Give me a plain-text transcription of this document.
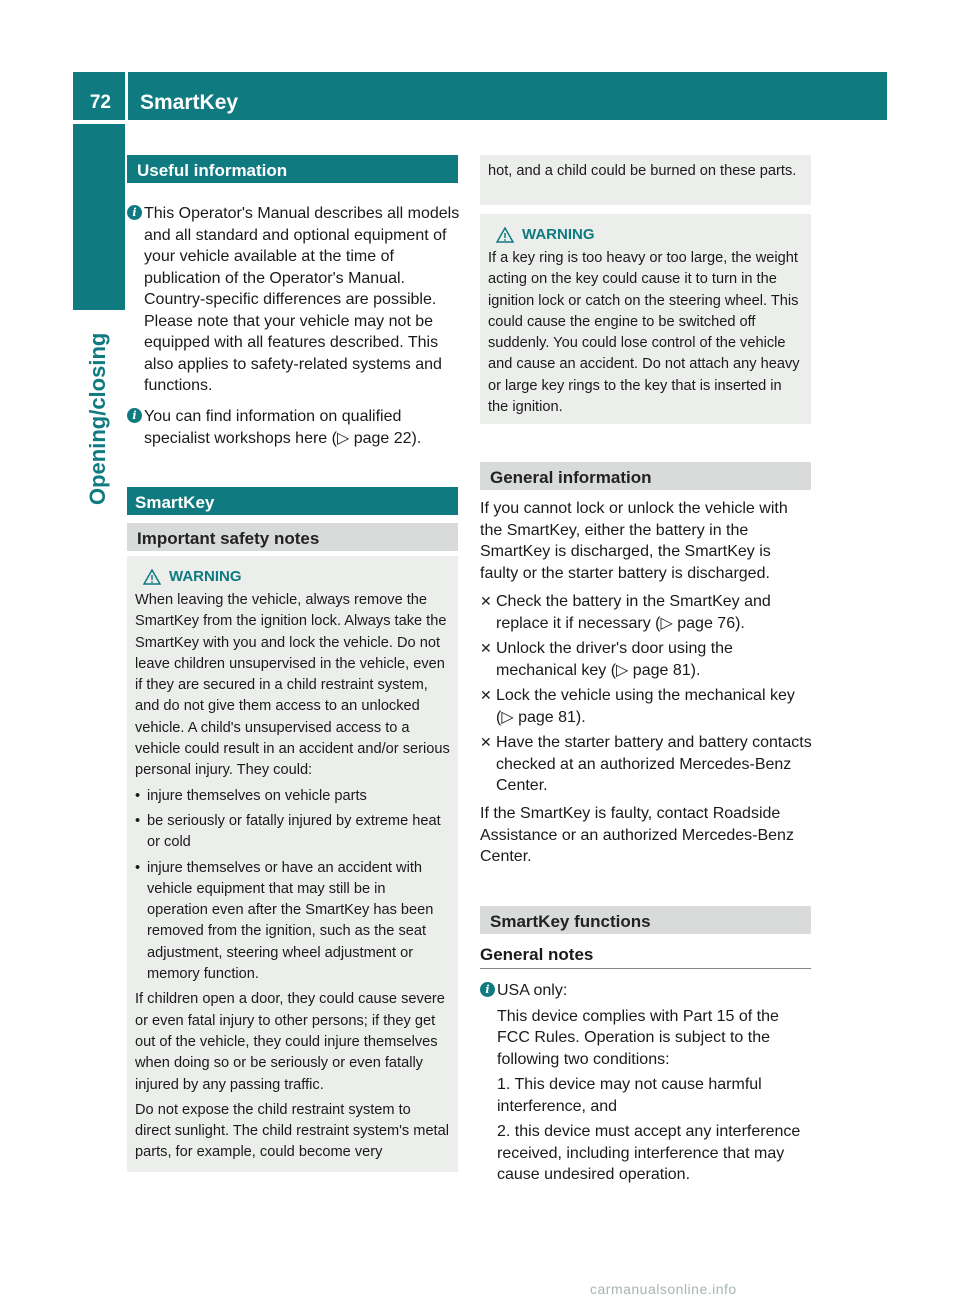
72 SmartKey
Opening/closing
Useful information
i This Operator's Manual describes all models and all standard and optional equipment of your vehicle available at the time of publication of the Operator's Manual. Country-specific differences are possible. Please note that your vehicle may not be equipped with all features described. This also applies to safety-related systems and functions.
i You can find information on qualified specialist workshops here (▷ page 22).
SmartKey
Important safety notes
WARNING

When leaving the vehicle, always remove the SmartKey from the ignition lock. Always take the SmartKey with you and lock the vehicle. Do not leave children unsupervised in the vehicle, even if they are secured in a child restraint system, and do not give them access to an unlocked vehicle. A child's unsupervised access to a vehicle could result in an accident and/or serious personal injury. They could:

• injure themselves on vehicle parts

• be seriously or fatally injured by extreme heat or cold

• injure themselves or have an accident with vehicle equipment that may still be in operation even after the SmartKey has been removed from the ignition, such as the seat adjustment, steering wheel adjustment or memory function.

If children open a door, they could cause severe or even fatal injury to other persons; if they get out of the vehicle, they could injure themselves when doing so or be seriously or even fatally injured by any passing traffic.

Do not expose the child restraint system to direct sunlight. The child restraint system's metal parts, for example, could become very

hot, and a child could be burned on these parts.
WARNING
If a key ring is too heavy or too large, the weight acting on the key could cause it to turn in the ignition lock or catch on the steering wheel. This could cause the engine to be switched off suddenly. You could lose control of the vehicle and cause an accident. Do not attach any heavy or large key rings to the key that is inserted in the ignition.
General information
If you cannot lock or unlock the vehicle with the SmartKey, either the battery in the SmartKey is discharged, the SmartKey is faulty or the starter battery is discharged.
✕ Check the battery in the SmartKey and replace it if necessary (▷ page 76).
✕ Unlock the driver's door using the mechanical key (▷ page 81).
✕ Lock the vehicle using the mechanical key (▷ page 81).
✕ Have the starter battery and battery contacts checked at an authorized Mercedes-Benz Center.
If the SmartKey is faulty, contact Roadside Assistance or an authorized Mercedes-Benz Center.
SmartKey functions
General notes
i USA only:
This device complies with Part 15 of the FCC Rules. Operation is subject to the following two conditions:
1. This device may not cause harmful interference, and
2. this device must accept any interference received, including interference that may cause undesired operation.
carmanualsonline.info
